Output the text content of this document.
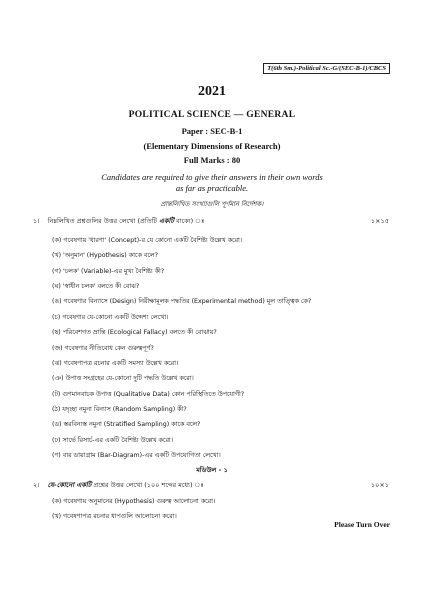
T(6th Sm.)-Political Sc.-G/(SEC-B-1)/CBCS
2021
POLITICAL SCIENCE — GENERAL
Paper : SEC-B-1
(Elementary Dimensions of Research)
Full Marks : 80
Candidates are required to give their answers in their own words
as far as practicable.
প্রান্তলিখিত সংখ্যাগুলি পূর্ণমান নির্দেশক।
১। নিম্নলিখিত প্রশ্নগুলির উত্তর লেখো (প্রতিটি একটি বাক্যে) ঃ	১×১৫
(ক) গবেষণায় 'ধারণা' (Concept)-র যে কোনো একটি বৈশিষ্ট্য উল্লেখ করো।
(খ) 'অনুমান' (Hypothesis) কাকে বলে?
(গ) 'চলক' (Variable)-এর মুখ্য বৈশিষ্ট্য কী?
(ঘ) 'স্বাধীন চলক' বলতে কী বোঝ?
(ঙ) গবেষণার বিন্যাসে (Design) নিরীক্ষামূলক পদ্ধতির (Experimental method) মূল তাত্ত্বিক কে?
(চ) গবেষণার যে-কোনো একটি উদ্দেশ্য লেখো।
(ছ) পরিবেশগত ভ্রান্তি (Ecological Fallacy) বলতে কী বোঝায়?
(জ) গবেষণার নীতিবোধ কেন গুরুত্বপূর্ণ?
(ঝ) গবেষণাপত্র রচনার একটি সমস্যা উল্লেখ করো।
(ঞ) উপাত্ত সংগ্রহের যে-কোনো দুটি পদ্ধতি উল্লেখ করো।
(ট) গুণমানবাচক উপাত্ত (Qualitative Data) কোন পরিস্থিতিতে উপযোগী?
(ঠ) যদৃচ্ছা নমুনা বিন্যাস (Random Sampling) কী?
(ড) স্তরবিন্যস্ত নমুনা (Stratified Sampling) কাকে বলে?
(ঢ) সার্ভে রিসার্চ-এর একটি বৈশিষ্ট্য উল্লেখ করো।
(ণ) বার ডায়াগ্রাম (Bar-Diagram)-এর একটি উপযোগিতা লেখো।
মডিউল - ১
২। যে-কোনো একটি প্রশ্নের উত্তর লেখো (১০০ শব্দের মধ্যে) ঃ	১০×১
(ক) গবেষণায় অনুমানের (Hypothesis) গুরুত্ব আলোচনা করো।
(খ) গবেষণাপত্র রচনার ধাপগুলি আলোচনা করো।
Please Turn Over
